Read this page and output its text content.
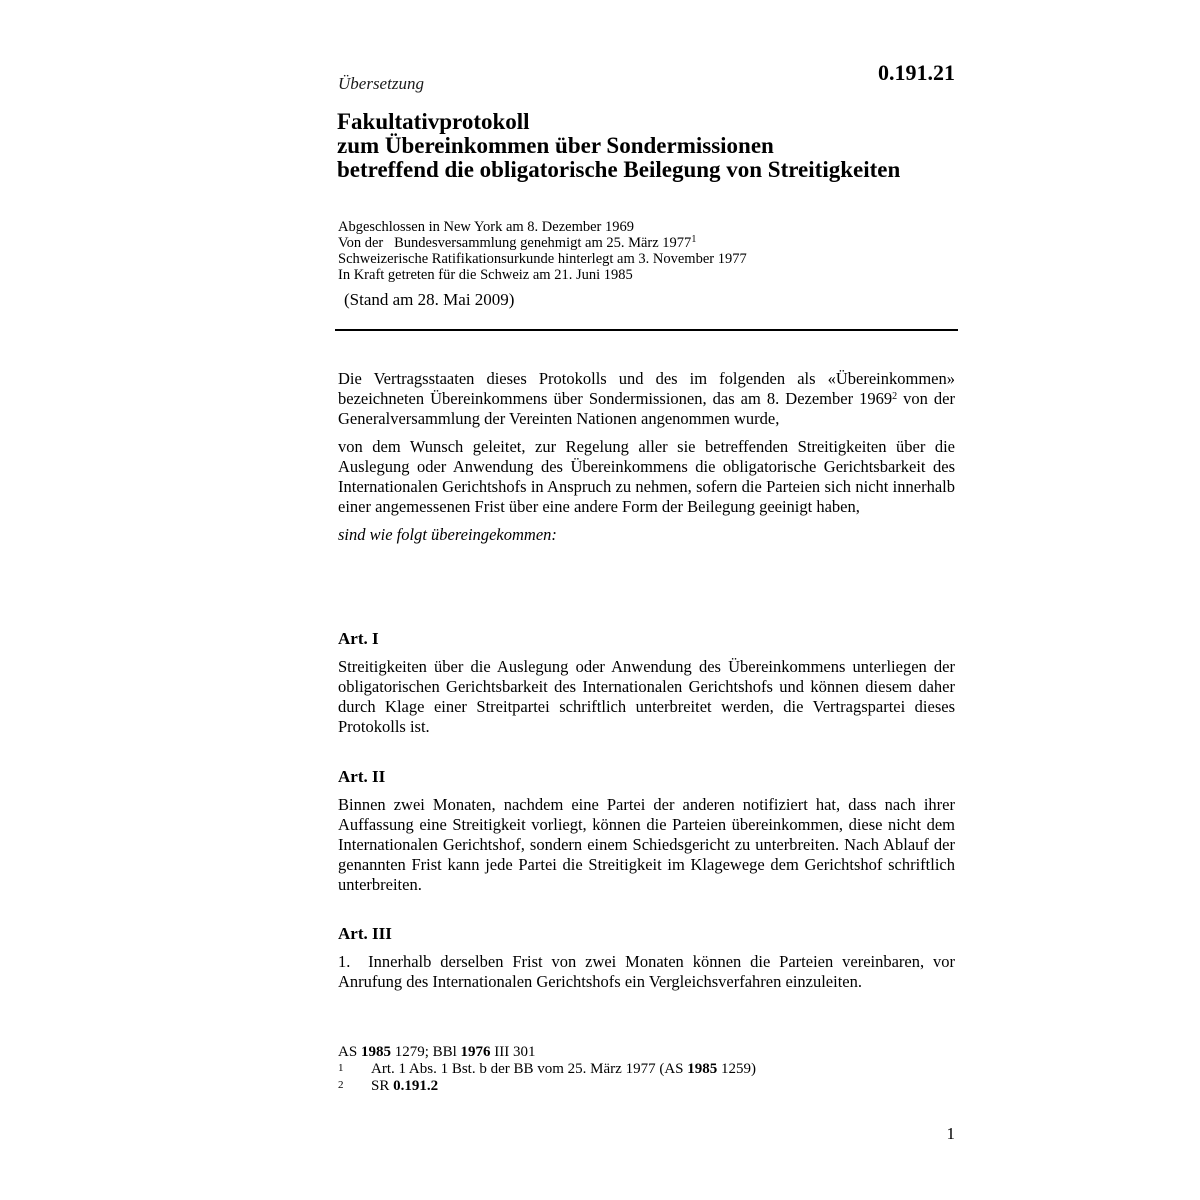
Übersetzung	0.191.21
Fakultativprotokoll
zum Übereinkommen über Sondermissionen
betreffend die obligatorische Beilegung von Streitigkeiten
Abgeschlossen in New York am 8. Dezember 1969
Von der   Bundesversammlung genehmigt am 25. März 1977$^1$
Schweizerische Ratifikationsurkunde hinterlegt am 3. November 1977
In Kraft getreten für die Schweiz am 21. Juni 1985
(Stand am 28. Mai 2009)

Die Vertragsstaaten dieses Protokolls und des im folgenden als «Übereinkommen» bezeichneten Übereinkommens über Sondermissionen, das am 8. Dezember 1969$^2$ von der Generalversammlung der Vereinten Nationen angenommen wurde,

von dem Wunsch geleitet, zur Regelung aller sie betreffenden Streitigkeiten über die Auslegung oder Anwendung des Übereinkommens die obligatorische Gerichtsbarkeit des Internationalen Gerichtshofs in Anspruch zu nehmen, sofern die Parteien sich nicht innerhalb einer angemessenen Frist über eine andere Form der Beilegung geeinigt haben,

sind wie folgt übereingekommen:

Art. I
Streitigkeiten über die Auslegung oder Anwendung des Übereinkommens unterliegen der obligatorischen Gerichtsbarkeit des Internationalen Gerichtshofs und können diesem daher durch Klage einer Streitpartei schriftlich unterbreitet werden, die Vertragspartei dieses Protokolls ist.
Art. II
Binnen zwei Monaten, nachdem eine Partei der anderen notifiziert hat, dass nach ihrer Auffassung eine Streitigkeit vorliegt, können die Parteien übereinkommen, diese nicht dem Internationalen Gerichtshof, sondern einem Schiedsgericht zu unterbreiten. Nach Ablauf der genannten Frist kann jede Partei die Streitigkeit im Klagewege dem Gerichtshof schriftlich unterbreiten.
Art. III
1.  Innerhalb derselben Frist von zwei Monaten können die Parteien vereinbaren, vor Anrufung des Internationalen Gerichtshofs ein Vergleichsverfahren einzuleiten.
AS 1985 1279; BBl 1976 III 301
1	Art. 1 Abs. 1 Bst. b der BB vom 25. März 1977 (AS 1985 1259)
2	SR 0.191.2
1
